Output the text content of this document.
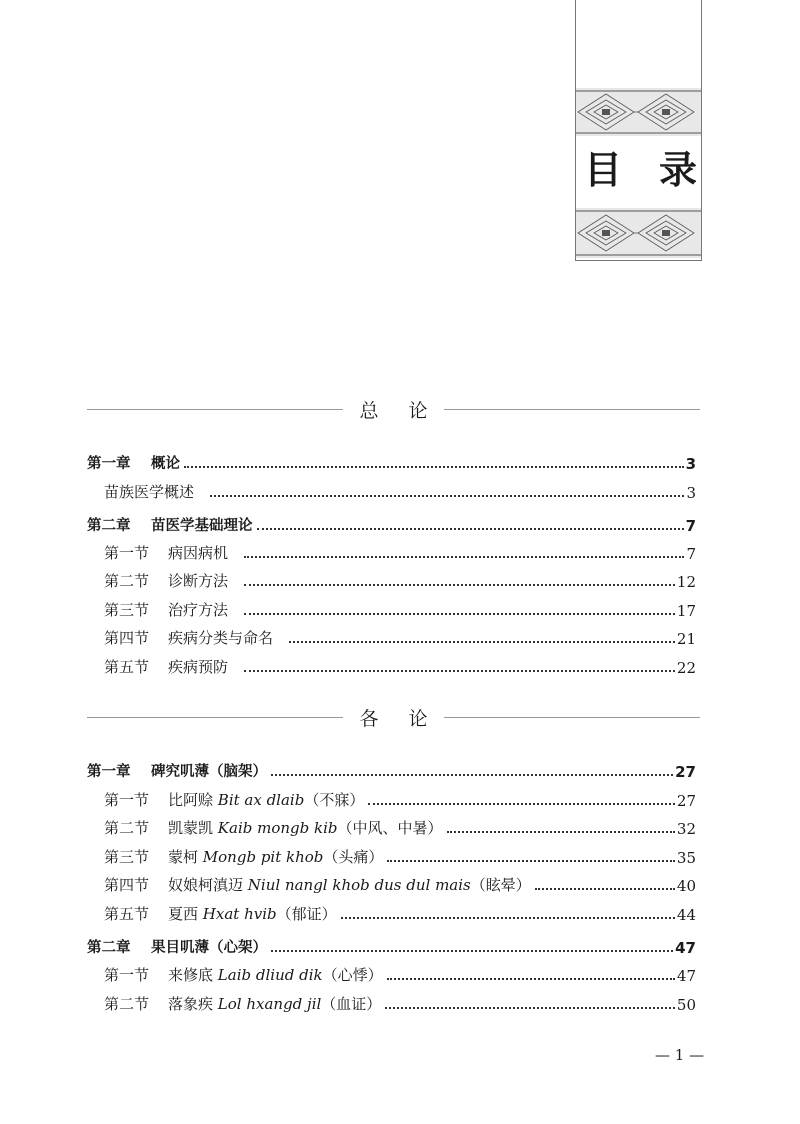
目 录
总 论
第一章	概论	3
苗族医学概述	3
第二章	苗医学基础理论	7
第一节	病因病机	7
第二节	诊断方法	12
第三节	治疗方法	17
第四节	疾病分类与命名	21
第五节	疾病预防	22
各 论
第一章	碑究叽薄（脑架）	27
第一节	比阿赊 Bit ax dlaib（不寐）	27
第二节	凯蒙凯 Kaib mongb kib（中风、中暑）	32
第三节	蒙柯 Mongb pit khob（头痛）	35
第四节	奴娘柯滇迈 Niul nangl khob dus dul mais（眩晕）	40
第五节	夏西 Hxat hvib（郁证）	44
第二章	果目叽薄（心架）	47
第一节	来修底 Laib dliud dik（心悸）	47
第二节	落象疾 Lol hxangd jil（血证）	50
— 1 —
